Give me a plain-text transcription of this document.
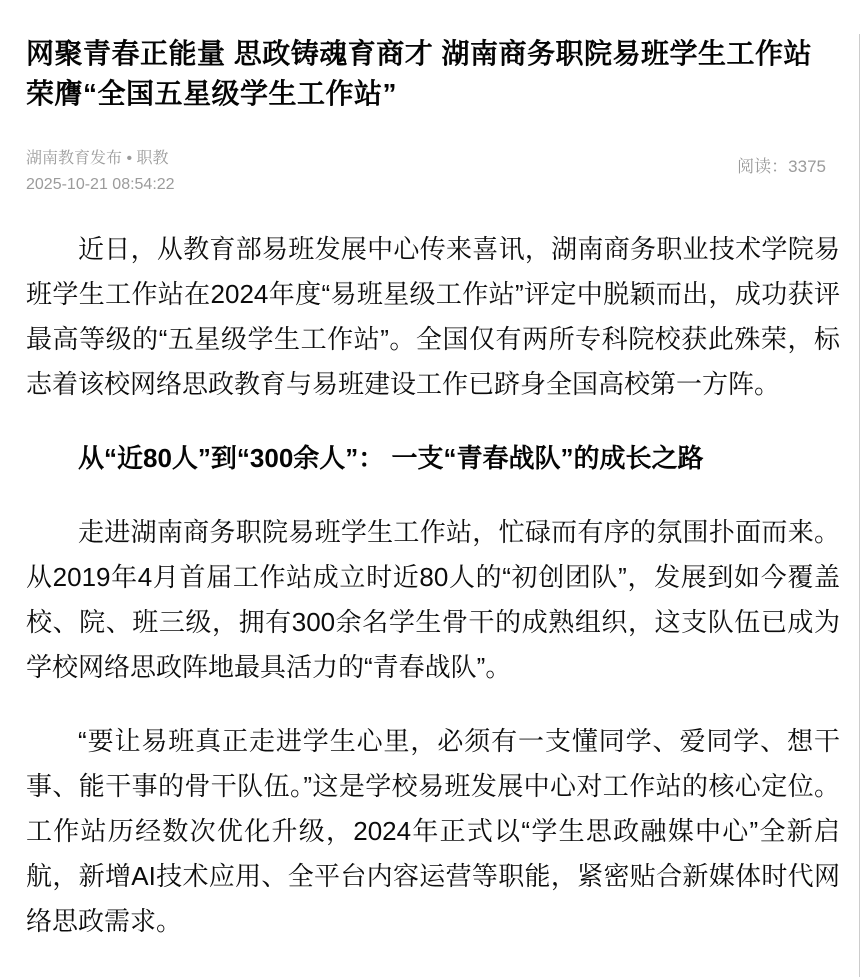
网聚青春正能量 思政铸魂育商才 湖南商务职院易班学生工作站荣膺“全国五星级学生工作站”
湖南教育发布 • 职教
2025-10-21 08:54:22
阅读：3375

近日，从教育部易班发展中心传来喜讯，湖南商务职业技术学院易班学生工作站在2024年度“易班星级工作站”评定中脱颖而出，成功获评最高等级的“五星级学生工作站”。全国仅有两所专科院校获此殊荣，标志着该校网络思政教育与易班建设工作已跻身全国高校第一方阵。

从“近80人”到“300余人”： 一支“青春战队”的成长之路

走进湖南商务职院易班学生工作站，忙碌而有序的氛围扑面而来。从2019年4月首届工作站成立时近80人的“初创团队”，发展到如今覆盖校、院、班三级，拥有300余名学生骨干的成熟组织，这支队伍已成为学校网络思政阵地最具活力的“青春战队”。

“要让易班真正走进学生心里，必须有一支懂同学、爱同学、想干事、能干事的骨干队伍。”这是学校易班发展中心对工作站的核心定位。工作站历经数次优化升级，2024年正式以“学生思政融媒中心”全新启航，新增AI技术应用、全平台内容运营等职能，紧密贴合新媒体时代网络思政需求。
